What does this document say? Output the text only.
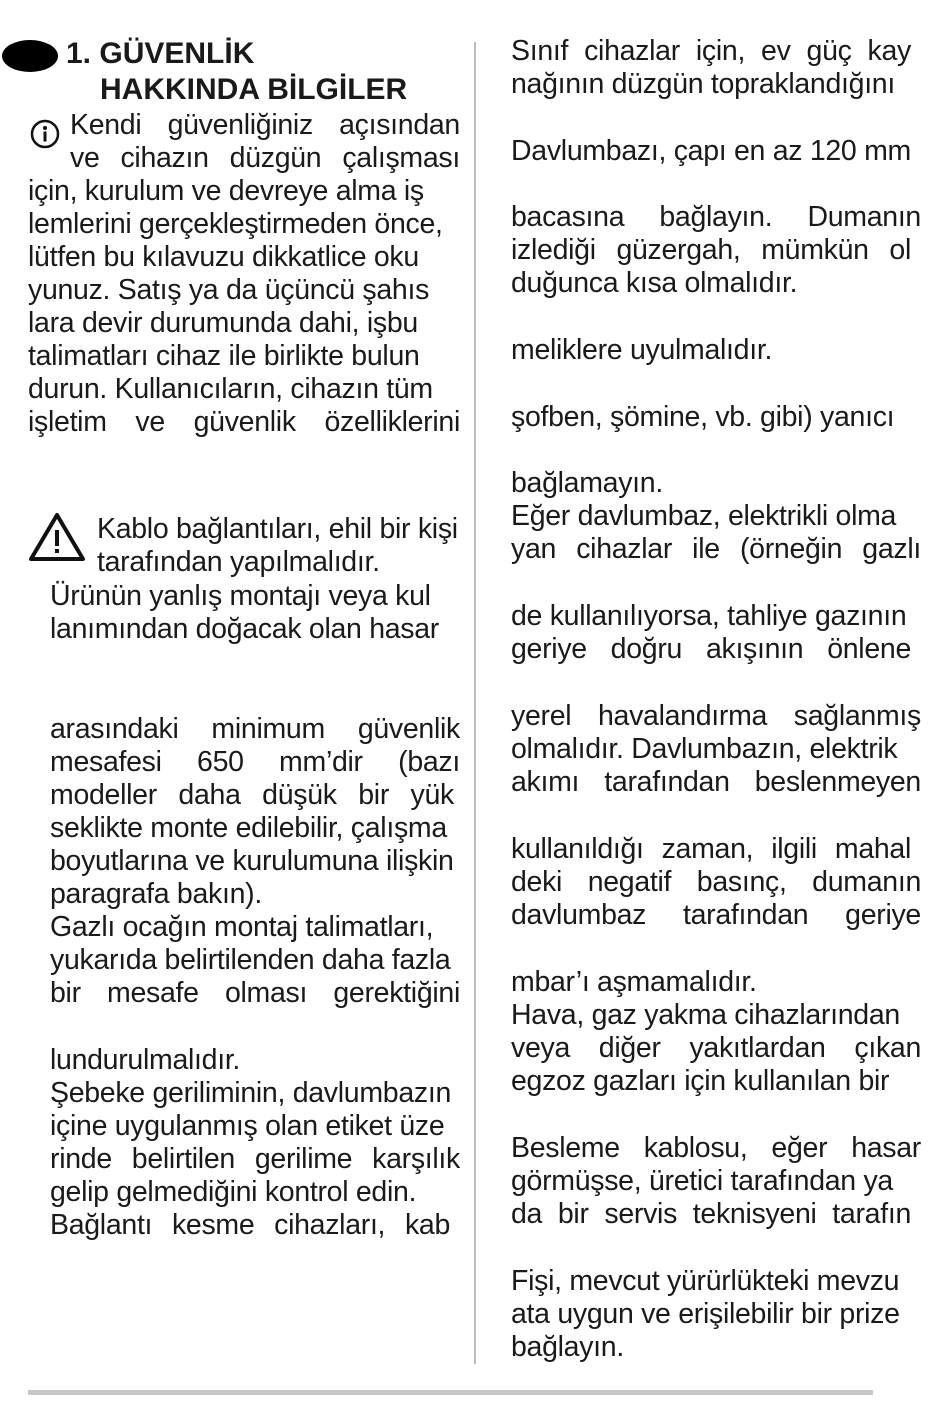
1. GÜVENLİK
HAKKINDA BİLGİLER
Kendi güvenliğiniz açısından
ve cihazın düzgün çalışması
için, kurulum ve devreye alma iş
lemlerini gerçekleştirmeden önce,
lütfen bu kılavuzu dikkatlice oku
yunuz. Satış ya da üçüncü şahıs
lara devir durumunda dahi, işbu
talimatları cihaz ile birlikte bulun
durun. Kullanıcıların, cihazın tüm
işletim ve güvenlik özelliklerini
Kablo bağlantıları, ehil bir kişi
tarafından yapılmalıdır.
Ürünün yanlış montajı veya kul
lanımından doğacak olan hasar
arasındaki minimum güvenlik
mesafesi 650 mm’dir (bazı
modeller daha düşük bir yük
seklikte monte edilebilir, çalışma
boyutlarına ve kurulumuna ilişkin
paragrafa bakın).
Gazlı ocağın montaj talimatları,
yukarıda belirtilenden daha fazla
bir mesafe olması gerektiğini
lundurulmalıdır.
Şebeke geriliminin, davlumbazın
içine uygulanmış olan etiket üze
rinde belirtilen gerilime karşılık
gelip gelmediğini kontrol edin.
Bağlantı kesme cihazları, kab
Sınıf cihazlar için, ev güç kay
nağının düzgün topraklandığını
Davlumbazı, çapı en az 120 mm
bacasına bağlayın. Dumanın
izlediği güzergah, mümkün ol
duğunca kısa olmalıdır.
meliklere uyulmalıdır.
şofben, şömine, vb. gibi) yanıcı
bağlamayın.
Eğer davlumbaz, elektrikli olma
yan cihazlar ile (örneğin gazlı
de kullanılıyorsa, tahliye gazının
geriye doğru akışının önlene
yerel havalandırma sağlanmış
olmalıdır. Davlumbazın, elektrik
akımı tarafından beslenmeyen
kullanıldığı zaman, ilgili mahal
deki negatif basınç, dumanın
davlumbaz tarafından geriye
mbar’ı aşmamalıdır.
Hava, gaz yakma cihazlarından
veya diğer yakıtlardan çıkan
egzoz gazları için kullanılan bir
Besleme kablosu, eğer hasar
görmüşse, üretici tarafından ya
da bir servis teknisyeni tarafın
Fişi, mevcut yürürlükteki mevzu
ata uygun ve erişilebilir bir prize
bağlayın.
